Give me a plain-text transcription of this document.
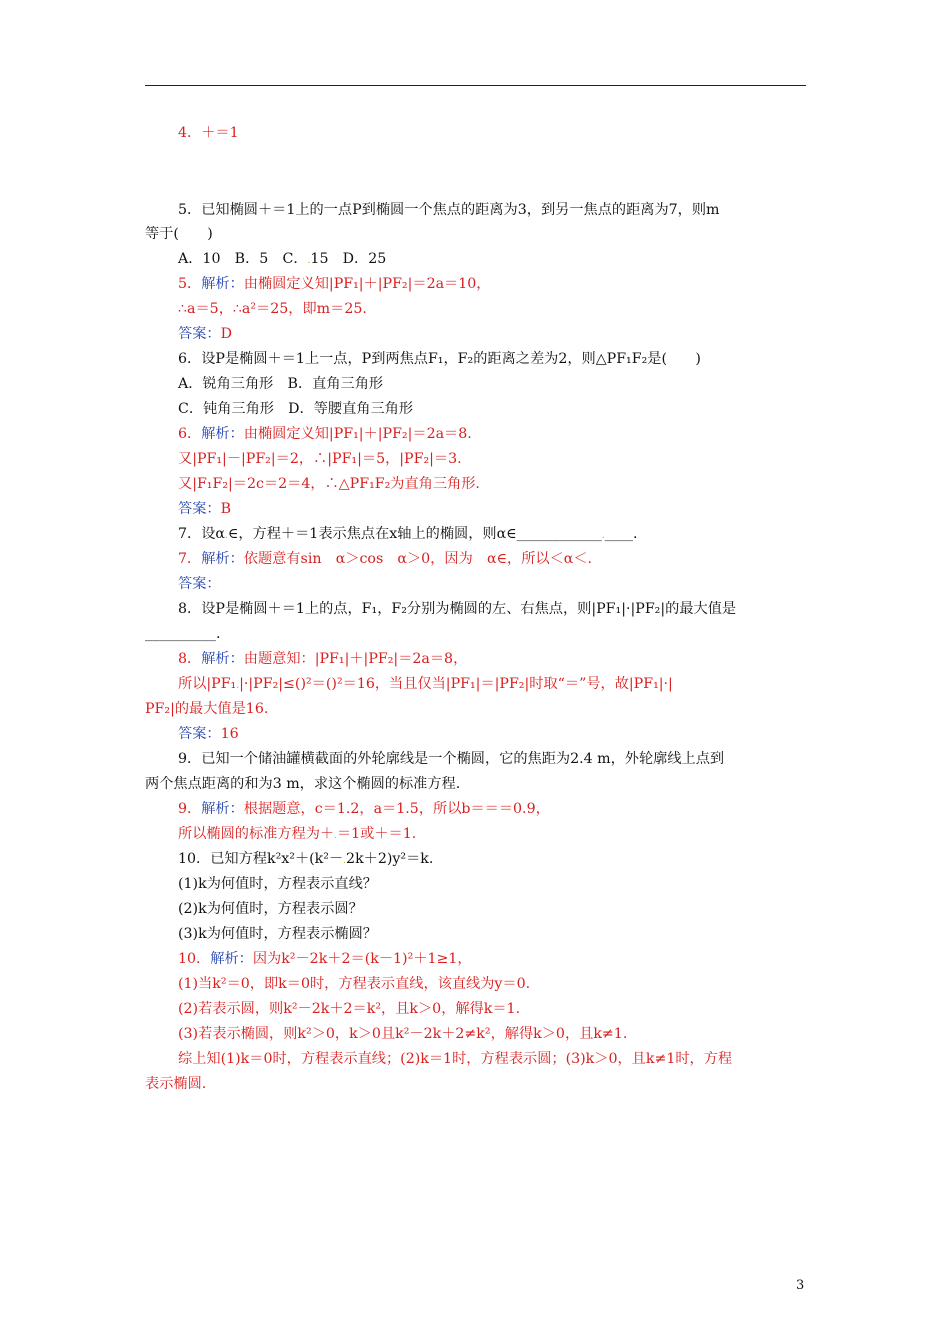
4．＋＝1
5．已知椭圆＋＝1上的一点P到椭圆一个焦点的距离为3，到另一焦点的距离为7，则m
等于(　　)
A．10　B．5　C．.15　D．25
5．解析：由椭圆定义知|PF₁|＋|PF₂|＝2a＝10，
∴a＝5，∴a²＝25，即m＝25.
答案：D
6．设P是椭圆＋＝1上一点，P到两焦点F₁，F₂的距离之差为2，则△PF₁F₂是(　　)
A．锐角三角形　B．直角三角形
C．钝角三角形　D．等腰直角三角形
6．解析：由椭圆定义知|PF₁|＋|PF₂|＝2a＝8.
又|PF₁|－|PF₂|＝2，∴|PF₁|＝5，|PF₂|＝3.
又|F₁F₂|＝2c＝2＝4，∴△PF₁F₂为直角三角形.
答案：B
7．设α.∈，方程＋＝1表示焦点在x轴上的椭圆，则α∈____________.____.
7．解析：依题意有sin　α＞cos　α＞0，因为　α∈，所以＜α＜.
答案：
8．设P是椭圆＋＝1上的点，F₁，F₂分别为椭圆的左、右焦点，则|PF₁|·|PF₂|的最大值是
__________.
8．解析：由题意知：|PF₁|＋|PF₂|＝2a＝8，
所以|PF₁.|·|PF₂|≤()²＝()²＝16，当且仅当|PF₁|＝|PF₂|时取“＝”号，故|PF₁|·|
PF₂|的最大值是16.
答案：16
9．已知一个储油罐横截面的外轮廓线是一个椭圆，它的焦距为2.4 m，外轮廓线上点到
两个焦点距离的和为3 m，求这个椭圆的标准方程.
9．解析：根据题意，c＝1.2，a＝1.5，所以b＝＝＝0.9，
所以椭圆的标准方程为＋.＝1或＋＝1.
10．已知方程k²x²＋(k²－.2k＋2)y²＝k.
(1)k为何值时，方程表示直线？
(2)k为何值时，方程表示圆？
(3)k为何值时，方程表示椭圆？
10．解析：因为k²－2k＋2＝(k－1)²＋1≥1，
(1)当k²＝0，即k＝0时，方程表示直线，该直线为y＝0.
(2)若表示圆，则k²－2k＋2＝k²，且k＞0，解得k＝1.
(3)若表示椭圆，则k²＞0，k＞0且k²－2k＋2≠k²，解得k＞0，且k≠1.
综上知(1)k＝0时，方程表示直线；(2)k＝1时，方程表示圆；(3)k＞0，且k≠1时，方程
表示椭圆.
3
